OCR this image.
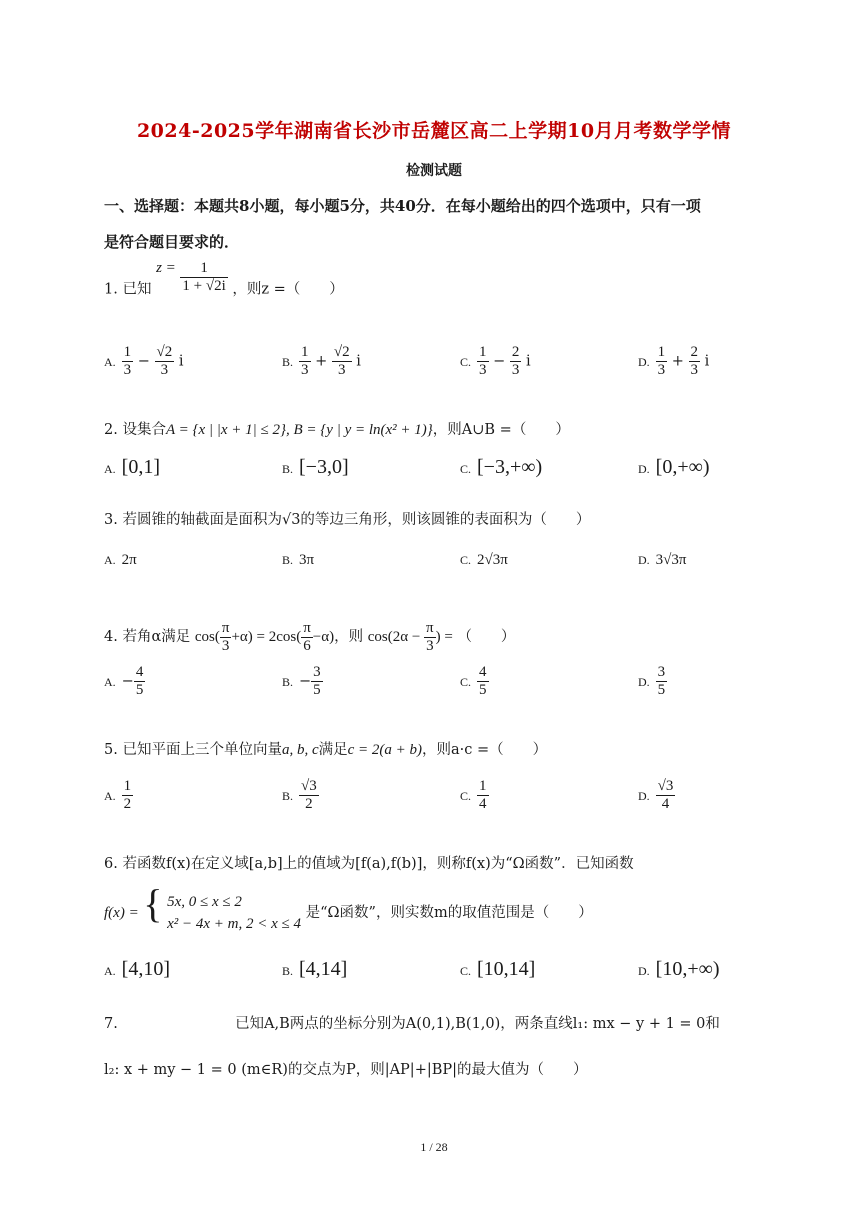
2024-2025学年湖南省长沙市岳麓区高二上学期10月月考数学学情
检测试题
一、选择题：本题共8小题，每小题5分，共40分．在每小题给出的四个选项中，只有一项
是符合题目要求的．
1. 已知 $z = \frac{1}{1 + √2i}$ ，则z =（　　）
A. $\frac{1}{3} - \frac{√2}{3}$ i	B. $\frac{1}{3} + \frac{√2}{3}$ i	C. $\frac{1}{3} - \frac{2}{3}$ i	D. $\frac{1}{3} + \frac{2}{3}$ i
2. 设集合A = {x | |x + 1| ≤ 2}, B = {y | y = ln(x² + 1)}，则A∪B =（　　）
A. [0,1]	B. [−3,0]	C. [−3,+∞)	D. [0,+∞)
3. 若圆锥的轴截面是面积为√3的等边三角形，则该圆锥的表面积为（　　）
A. 2π	B. 3π	C. 2√3π	D. 3√3π
4. 若角α满足 $\cos( \frac{\pi}{3} +\alpha) = 2\cos( \frac{\pi}{6} -\alpha)$，则 $\cos(2\alpha - \frac{\pi}{3}$ ) = （　　）
A. − $\frac{4}{5}$	B. − $\frac{3}{5}$	C. $\frac{4}{5}$	D. $\frac{3}{5}$
5. 已知平面上三个单位向量a, b, c满足c = 2(a + b)，则a·c =（　　）
A. $\frac{1}{2}$	B. $\frac{√3}{2}$	C. $\frac{1}{4}$	D. $\frac{√3}{4}$
6. 若函数f(x)在定义域[a,b]上的值域为[f(a),f(b)]，则称f(x)为“Ω函数”．已知函数
f(x) = { 5x, 0 ≤ x ≤ 2
x² − 4x + m, 2 < x ≤ 4
是“Ω函数”，则实数m的取值范围是（　　）
A. [4,10]	B. [4,14]	C. [10,14]	D. [10,+∞)
7.	已知A,B两点的坐标分别为A(0,1),B(1,0)，两条直线l₁: mx − y + 1 = 0和
l₂: x + my − 1 = 0 (m∈R)的交点为P，则|AP|+|BP|的最大值为（　　）
1 / 28
